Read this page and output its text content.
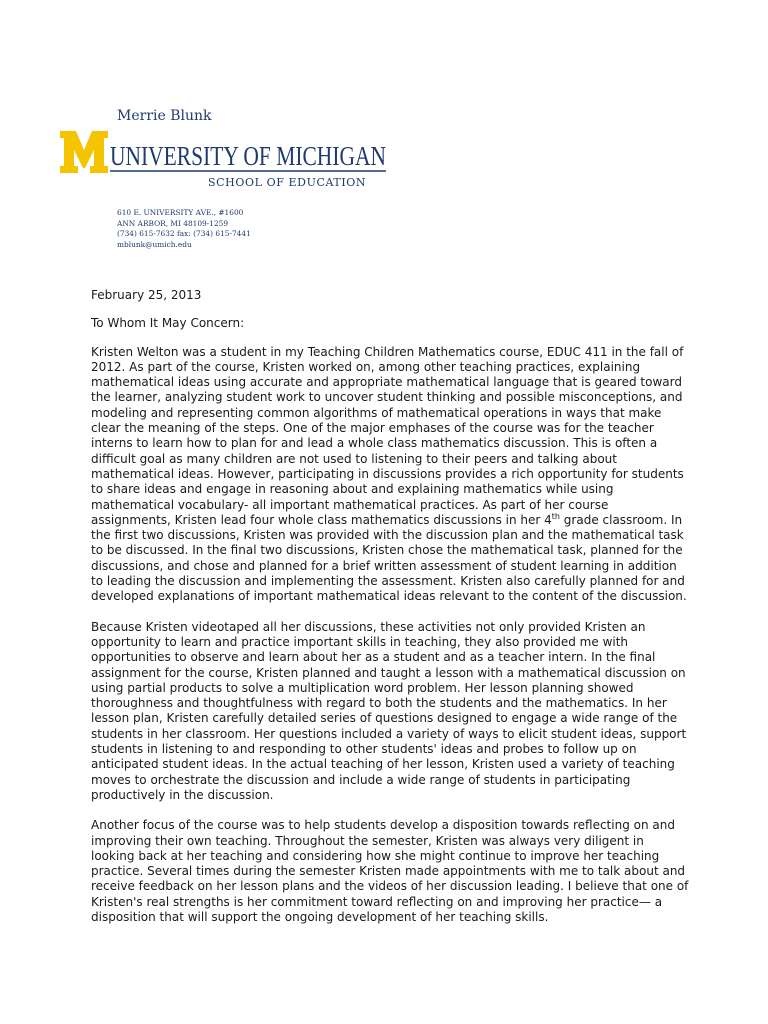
Merrie Blunk
UNIVERSITY OF MICHIGAN
SCHOOL OF EDUCATION
610 E. UNIVERSITY AVE., #1600
ANN ARBOR, MI 48109-1259
(734) 615-7632 fax: (734) 615-7441
mblunk@umich.edu
February 25, 2013
To Whom It May Concern:

Kristen Welton was a student in my Teaching Children Mathematics course, EDUC 411 in the fall of 2012. As part of the course, Kristen worked on, among other teaching practices, explaining mathematical ideas using accurate and appropriate mathematical language that is geared toward the learner, analyzing student work to uncover student thinking and possible misconceptions, and modeling and representing common algorithms of mathematical operations in ways that make clear the meaning of the steps. One of the major emphases of the course was for the teacher interns to learn how to plan for and lead a whole class mathematics discussion. This is often a difficult goal as many children are not used to listening to their peers and talking about mathematical ideas. However, participating in discussions provides a rich opportunity for students to share ideas and engage in reasoning about and explaining mathematics while using mathematical vocabulary- all important mathematical practices. As part of her course assignments, Kristen lead four whole class mathematics discussions in her 4th grade classroom. In the first two discussions, Kristen was provided with the discussion plan and the mathematical task to be discussed. In the final two discussions, Kristen chose the mathematical task, planned for the discussions, and chose and planned for a brief written assessment of student learning in addition to leading the discussion and implementing the assessment. Kristen also carefully planned for and developed explanations of important mathematical ideas relevant to the content of the discussion.

Because Kristen videotaped all her discussions, these activities not only provided Kristen an opportunity to learn and practice important skills in teaching, they also provided me with opportunities to observe and learn about her as a student and as a teacher intern. In the final assignment for the course, Kristen planned and taught a lesson with a mathematical discussion on using partial products to solve a multiplication word problem. Her lesson planning showed thoroughness and thoughtfulness with regard to both the students and the mathematics. In her lesson plan, Kristen carefully detailed series of questions designed to engage a wide range of the students in her classroom. Her questions included a variety of ways to elicit student ideas, support students in listening to and responding to other students' ideas and probes to follow up on anticipated student ideas. In the actual teaching of her lesson, Kristen used a variety of teaching moves to orchestrate the discussion and include a wide range of students in participating productively in the discussion.

Another focus of the course was to help students develop a disposition towards reflecting on and improving their own teaching. Throughout the semester, Kristen was always very diligent in looking back at her teaching and considering how she might continue to improve her teaching practice. Several times during the semester Kristen made appointments with me to talk about and receive feedback on her lesson plans and the videos of her discussion leading. I believe that one of Kristen's real strengths is her commitment toward reflecting on and improving her practice— a disposition that will support the ongoing development of her teaching skills.
